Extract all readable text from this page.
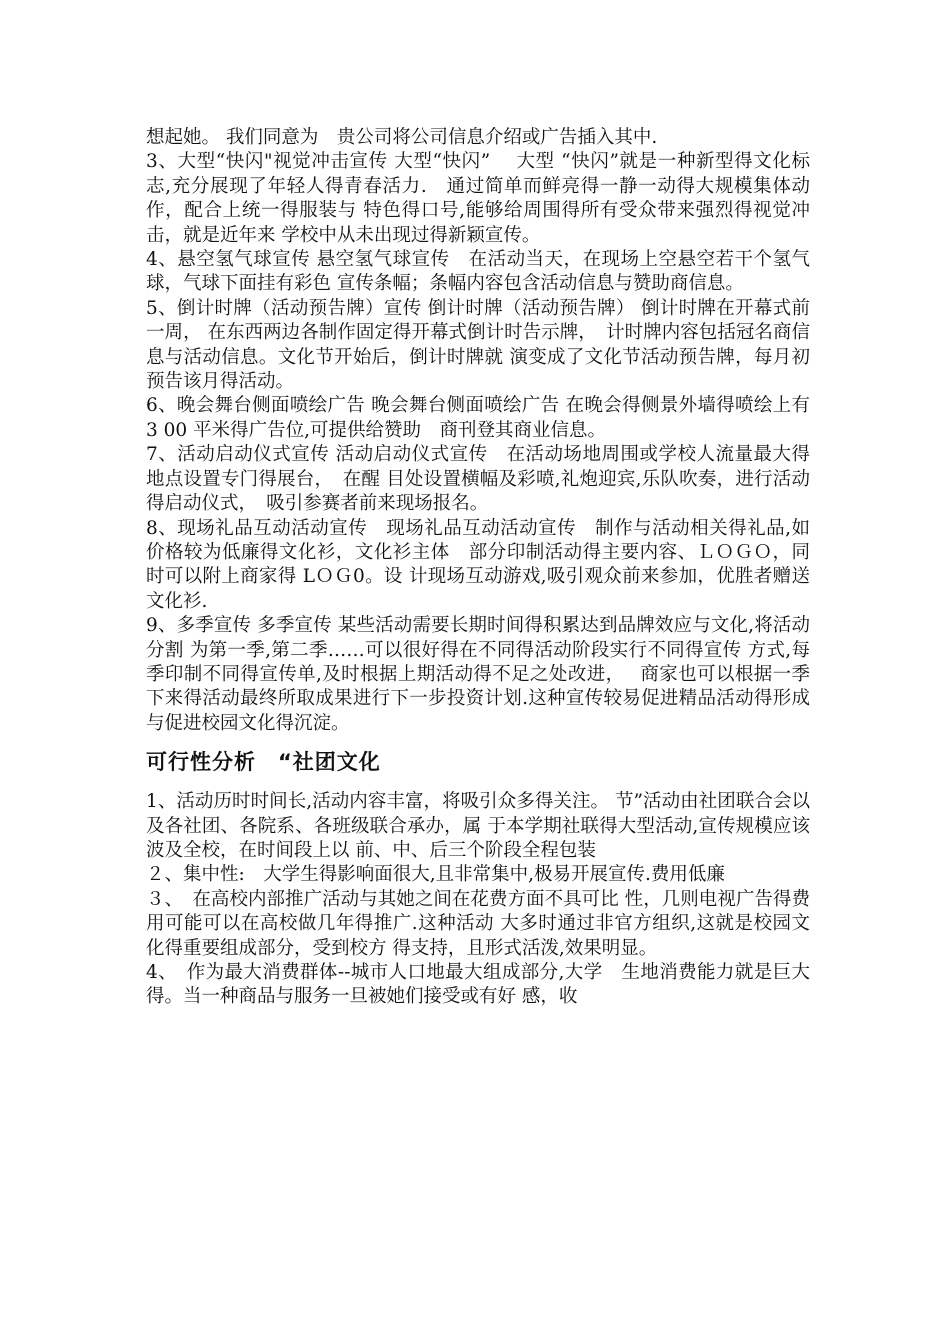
想起她。 我们同意为　贵公司将公司信息介绍或广告插入其中.

3、大型“快闪"视觉冲击宣传 大型“快闪”　 大型 “快闪”就是一种新型得文化标志,充分展现了年轻人得青春活力.　通过简单而鲜亮得一静一动得大规模集体动作，配合上统一得服装与 特色得口号,能够给周围得所有受众带来强烈得视觉冲击，就是近年来 学校中从未出现过得新颖宣传。

4、悬空氢气球宣传 悬空氢气球宣传　在活动当天，在现场上空悬空若干个氢气球，气球下面挂有彩色 宣传条幅；条幅内容包含活动信息与赞助商信息。

5、倒计时牌（活动预告牌）宣传 倒计时牌（活动预告牌） 倒计时牌在开幕式前一周， 在东西两边各制作固定得开幕式倒计时告示牌，　计时牌内容包括冠名商信息与活动信息。文化节开始后，倒计时牌就 演变成了文化节活动预告牌，每月初预告该月得活动。

6、晚会舞台侧面喷绘广告 晚会舞台侧面喷绘广告 在晚会得侧景外墙得喷绘上有　 3 00 平米得广告位,可提供给赞助　商刊登其商业信息。

7、活动启动仪式宣传 活动启动仪式宣传　在活动场地周围或学校人流量最大得地点设置专门得展台，　在醒 目处设置横幅及彩喷,礼炮迎宾,乐队吹奏，进行活动得启动仪式，　吸引参赛者前来现场报名。

8、现场礼品互动活动宣传　现场礼品互动活动宣传　制作与活动相关得礼品,如价格较为低廉得文化衫，文化衫主体　部分印制活动得主要内容、ＬＯＧＯ，同时可以附上商家得 LＯＧ0。设 计现场互动游戏,吸引观众前来参加，优胜者赠送文化衫.

9、多季宣传 多季宣传 某些活动需要长期时间得积累达到品牌效应与文化,将活动分割 为第一季,第二季……可以很好得在不同得活动阶段实行不同得宣传 方式,每季印制不同得宣传单,及时根据上期活动得不足之处改进，　 商家也可以根据一季下来得活动最终所取成果进行下一步投资计划.这种宣传较易促进精品活动得形成与促进校园文化得沉淀。

可行性分析　“社团文化

1、活动历时时间长,活动内容丰富，将吸引众多得关注。 节”活动由社团联合会以及各社团、各院系、各班级联合承办，属 于本学期社联得大型活动,宣传规模应该波及全校，在时间段上以 前、中、后三个阶段全程包装

２、集中性:　大学生得影响面很大,且非常集中,极易开展宣传.费用低廉

３、　在高校内部推广活动与其她之间在花费方面不具可比 性，几则电视广告得费用可能可以在高校做几年得推广.这种活动 大多时通过非官方组织,这就是校园文化得重要组成部分，受到校方 得支持，且形式活泼,效果明显。

4、　作为最大消费群体--城市人口地最大组成部分,大学　生地消费能力就是巨大得。当一种商品与服务一旦被她们接受或有好 感，收
